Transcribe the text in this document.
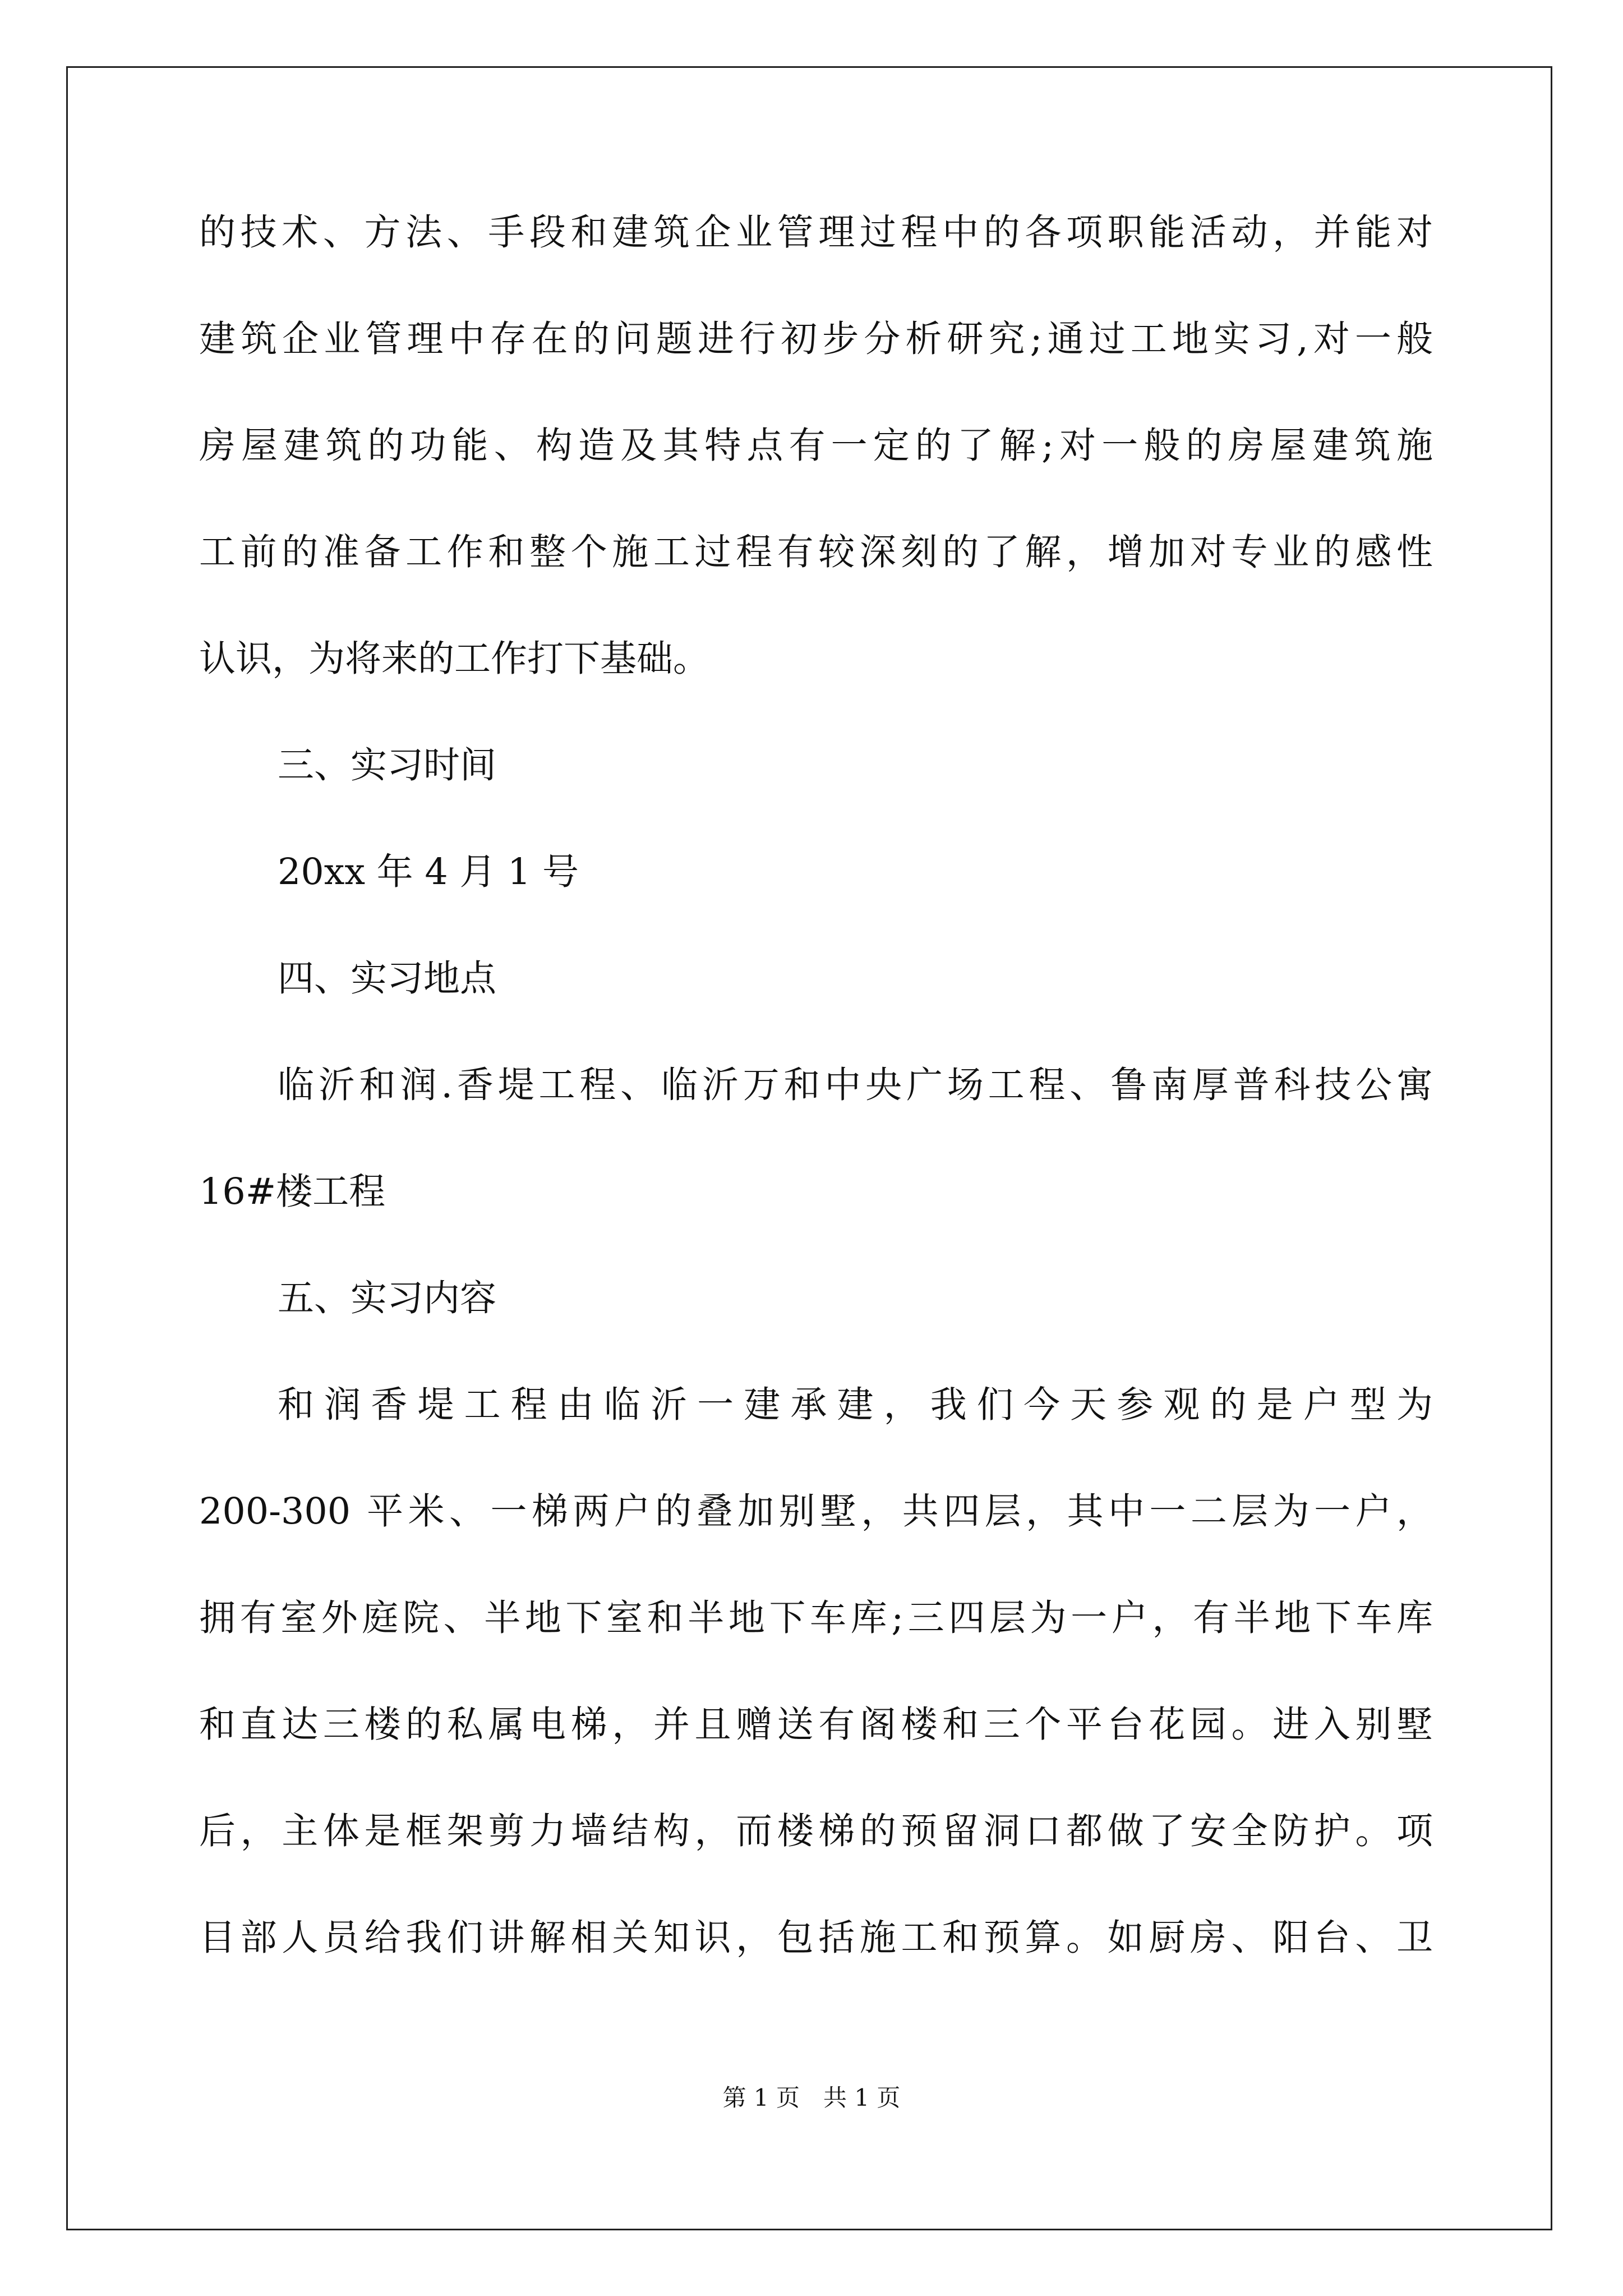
的技术、方法、手段和建筑企业管理过程中的各项职能活动，并能对
建筑企业管理中存在的问题进行初步分析研究;通过工地实习,对一般
房屋建筑的功能、构造及其特点有一定的了解;对一般的房屋建筑施
工前的准备工作和整个施工过程有较深刻的了解，增加对专业的感性
认识，为将来的工作打下基础。
三、实习时间
20xx 年 4 月 1 号
四、实习地点
临沂和润.香堤工程、临沂万和中央广场工程、鲁南厚普科技公寓
16#楼工程
五、实习内容
和润香堤工程由临沂一建承建，我们今天参观的是户型为
200-300 平米、一梯两户的叠加别墅，共四层，其中一二层为一户，
拥有室外庭院、半地下室和半地下车库;三四层为一户，有半地下车库
和直达三楼的私属电梯，并且赠送有阁楼和三个平台花园。进入别墅
后，主体是框架剪力墙结构，而楼梯的预留洞口都做了安全防护。项
目部人员给我们讲解相关知识，包括施工和预算。如厨房、阳台、卫
第 1 页　共 1 页
